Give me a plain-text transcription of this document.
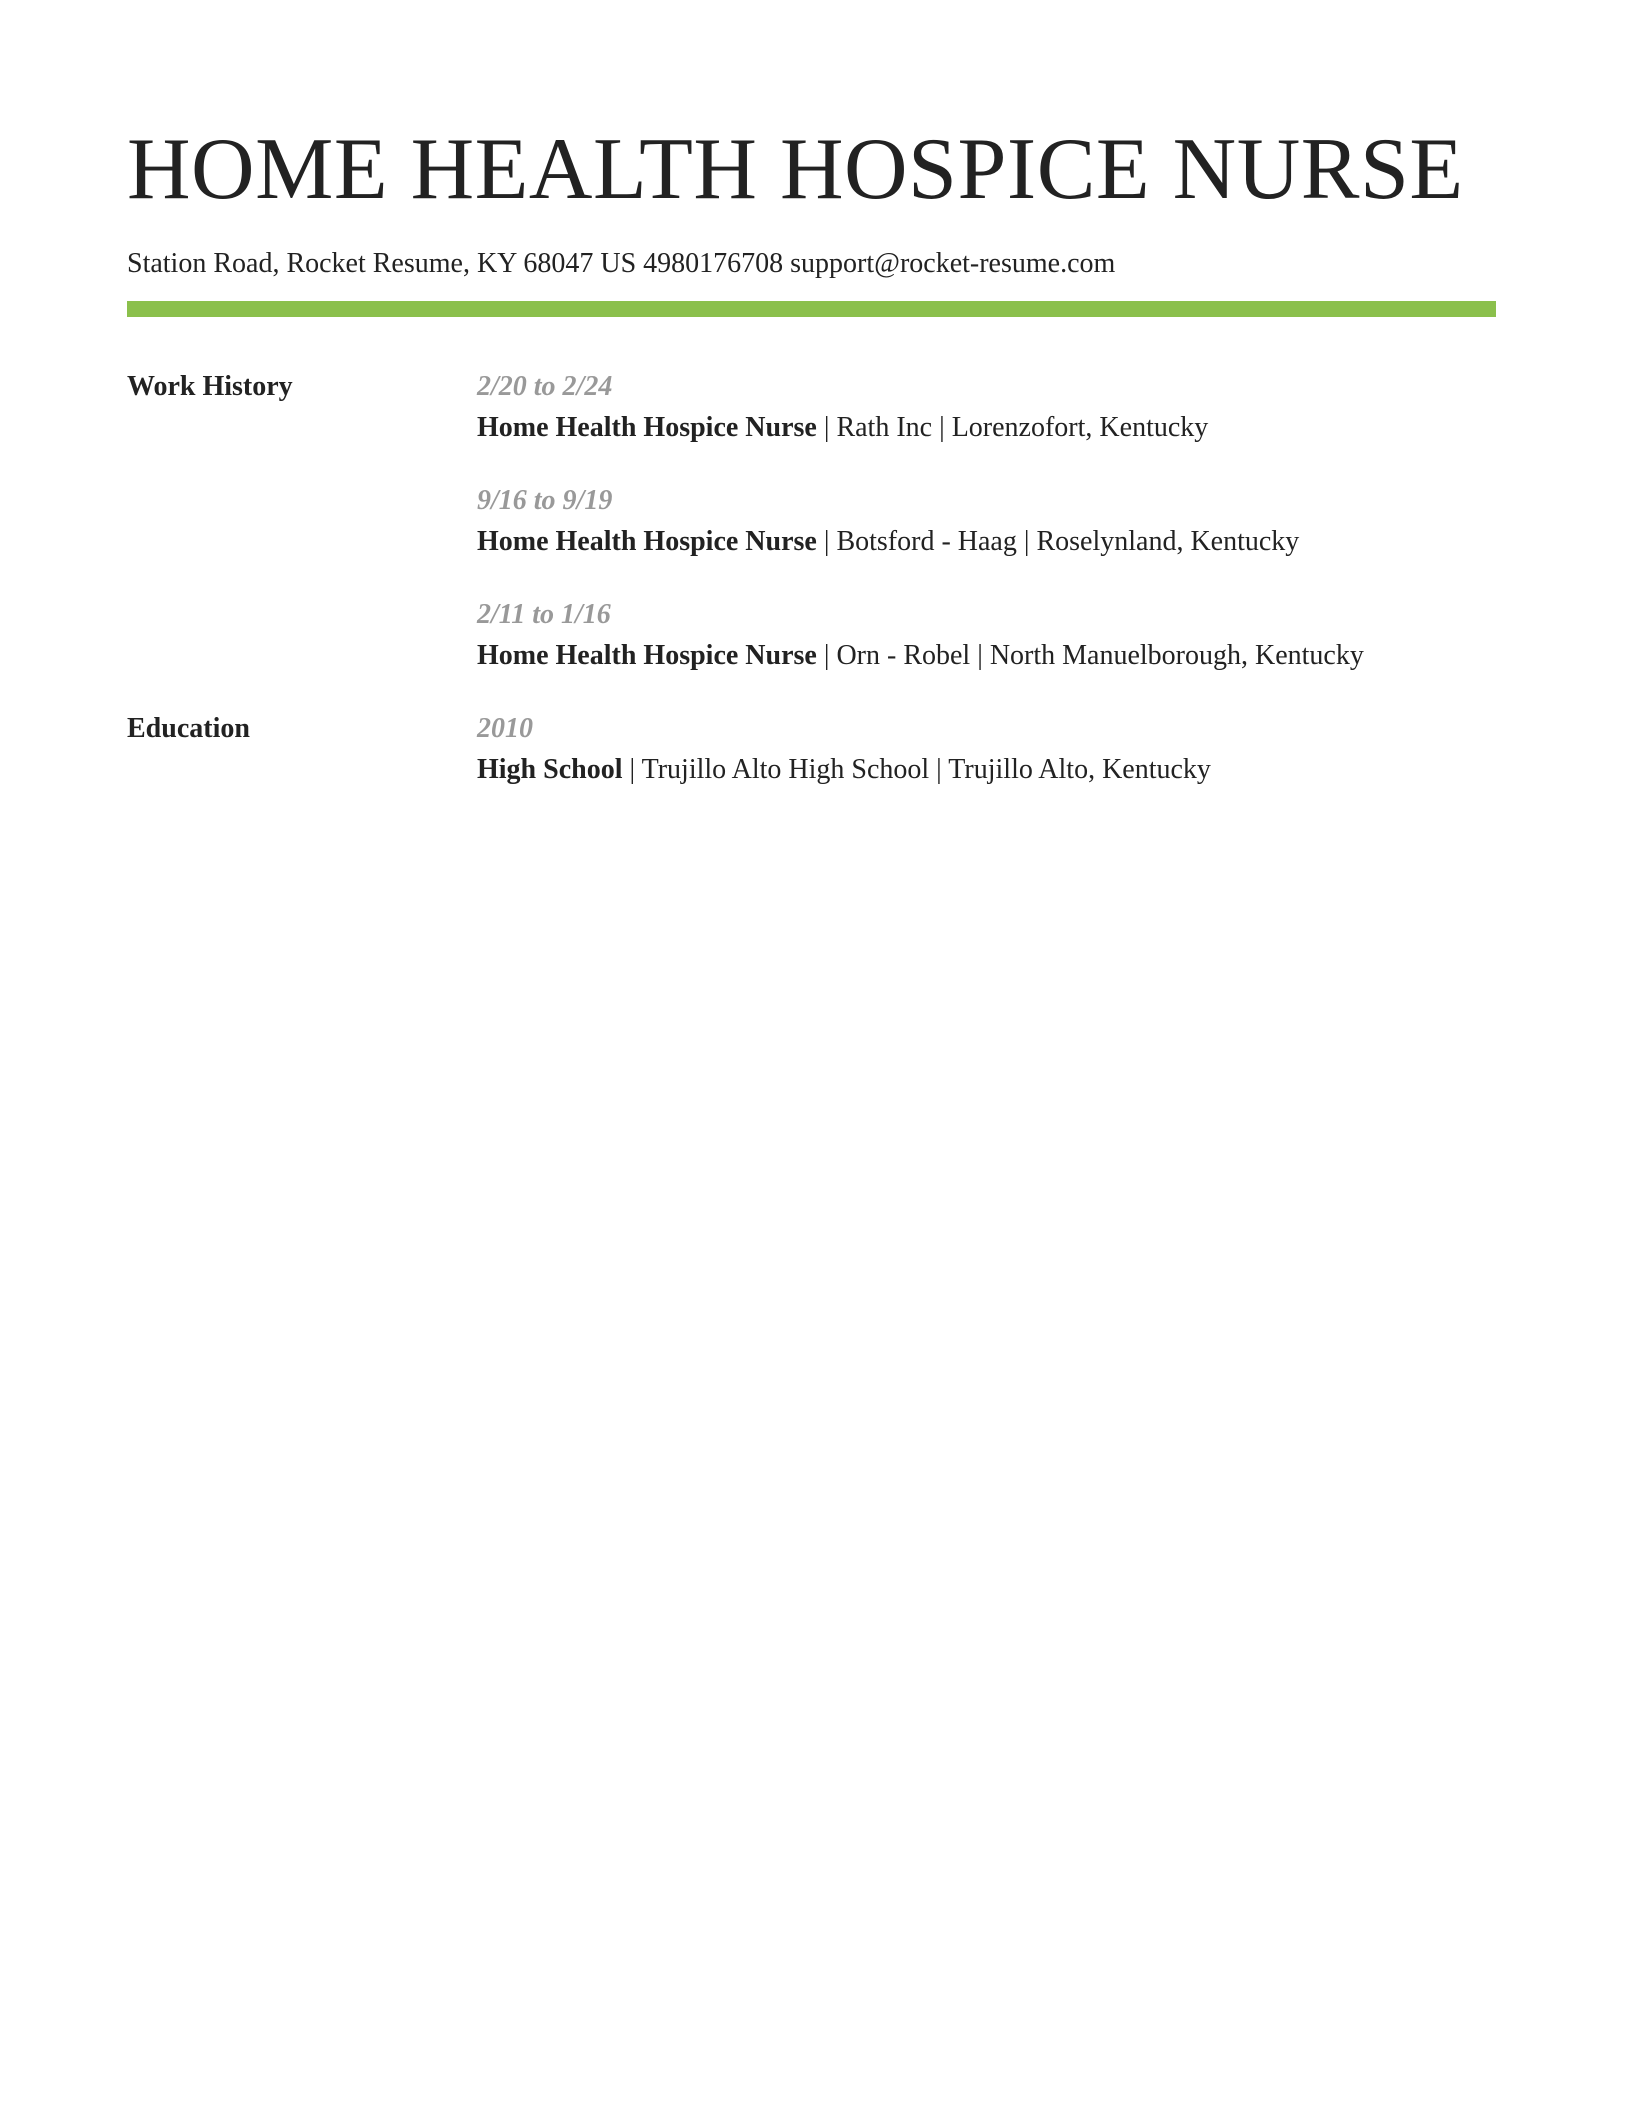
HOME HEALTH HOSPICE NURSE
Station Road, Rocket Resume, KY 68047 US 4980176708 support@rocket-resume.com
Work History	2/20 to 2/24
Home Health Hospice Nurse | Rath Inc | Lorenzofort, Kentucky
9/16 to 9/19
Home Health Hospice Nurse | Botsford - Haag | Roselynland, Kentucky
2/11 to 1/16
Home Health Hospice Nurse | Orn - Robel | North Manuelborough, Kentucky
Education	2010
High School | Trujillo Alto High School | Trujillo Alto, Kentucky
